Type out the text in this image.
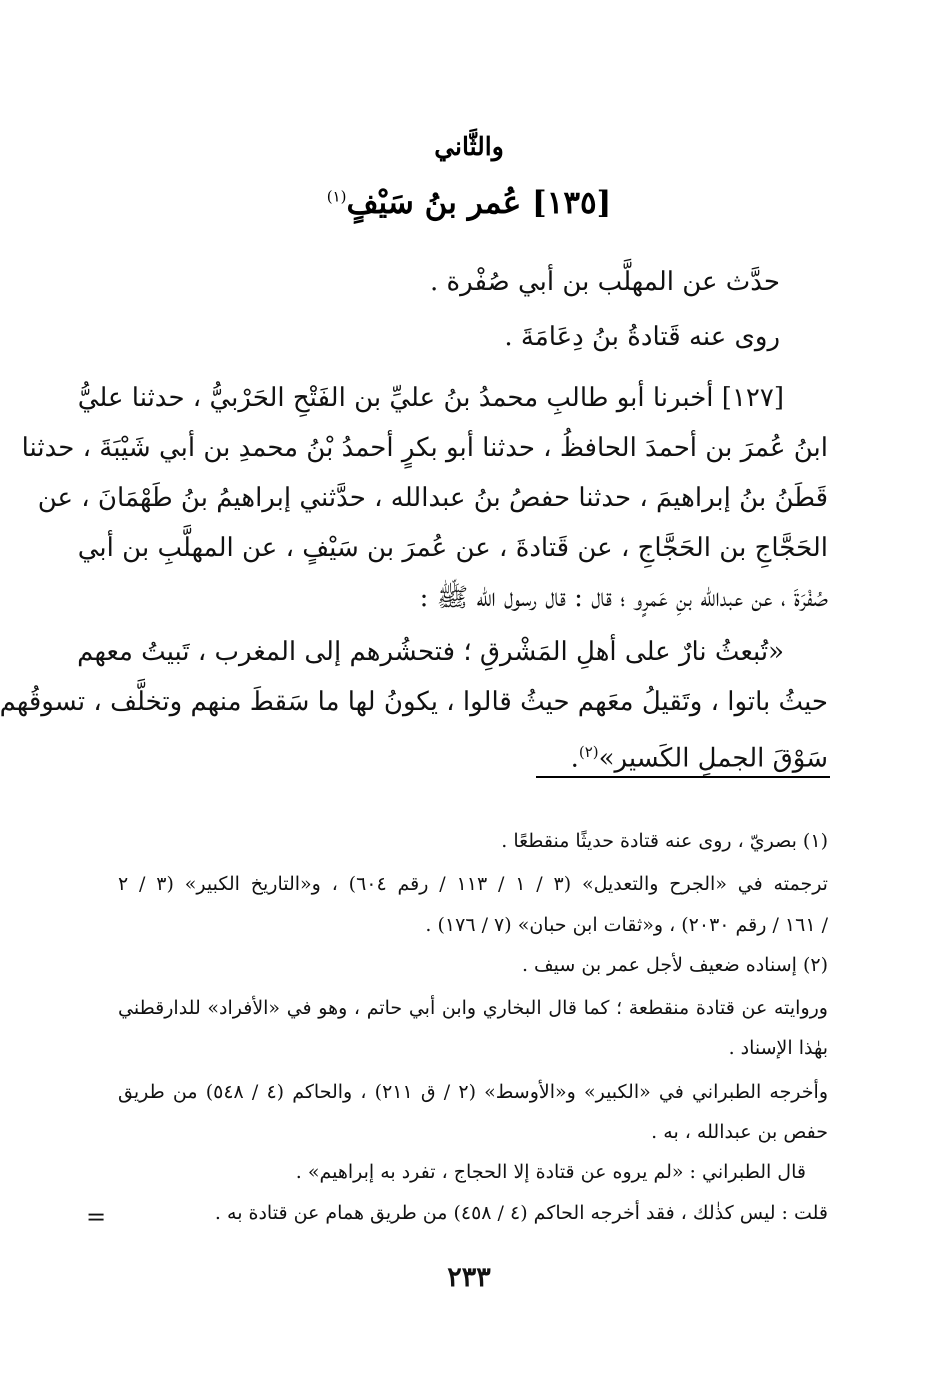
والثَّاني
[١٣٥] عُمر بنُ سَيْفٍ$^{(١)}$
حدَّث عن المهلَّب بن أبي صُفْرة .
روى عنه قَتادةُ بنُ دِعَامَةَ .
[١٢٧] أخبرنا أبو طالبِ محمدُ بنُ عليِّ بن الفَتْحِ الحَرْبيُّ ، حدثنا عليُّ
ابنُ عُمرَ بن أحمدَ الحافظُ ، حدثنا أبو بكرٍ أحمدُ بْنُ محمدِ بن أبي شَيْبَةَ ، حدثنا
قَطَنُ بنُ إبراهيمَ ، حدثنا حفصُ بنُ عبدالله ، حدَّثني إبراهيمُ بنُ طَهْمَانَ ، عن
الحَجَّاجِ بن الحَجَّاجِ ، عن قَتادةَ ، عن عُمرَ بن سَيْفٍ ، عن المهلَّبِ بن أبي
صُفْرَةَ ، عن عبدالله بنِ عَمرٍو ؛ قال : قال رسول الله ﷺ :
«تُبعثُ نارٌ على أهلِ المَشْرقِ ؛ فتحشُرهم إلى المغرب ، تَبيتُ معهم
حيثُ باتوا ، وتَقيلُ معَهم حيثُ قالوا ، يكونُ لها ما سَقطَ منهم وتخلَّف ، تسوقُهم
سَوْقَ الجملِ الكَسير»$^{(٢)}$.
(١) بصريّ ، روى عنه قتادة حديثًا منقطعًا .
ترجمته في «الجرح والتعديل» (٣ / ١ / ١١٣ / رقم ٦٠٤) ، و«التاريخ الكبير» (٣ / ٢
/ ١٦١ / رقم ٢٠٣٠) ، و«ثقات ابن حبان» (٧ / ١٧٦) .
(٢) إسناده ضعيف لأجل عمر بن سيف .
وروايته عن قتادة منقطعة ؛ كما قال البخاري وابن أبي حاتم ، وهو في «الأفراد» للدارقطني
بهٰذا الإسناد .
وأخرجه الطبراني في «الكبير» و«الأوسط» (٢ / ق ٢١١) ، والحاكم (٤ / ٥٤٨) من طريق
حفص بن عبدالله ، به .
قال الطبراني : «لم يروه عن قتادة إلا الحجاج ، تفرد به إبراهيم» .
قلت : ليس كذٰلك ، فقد أخرجه الحاكم (٤ / ٤٥٨) من طريق همام عن قتادة به .
=
٢٣٣
